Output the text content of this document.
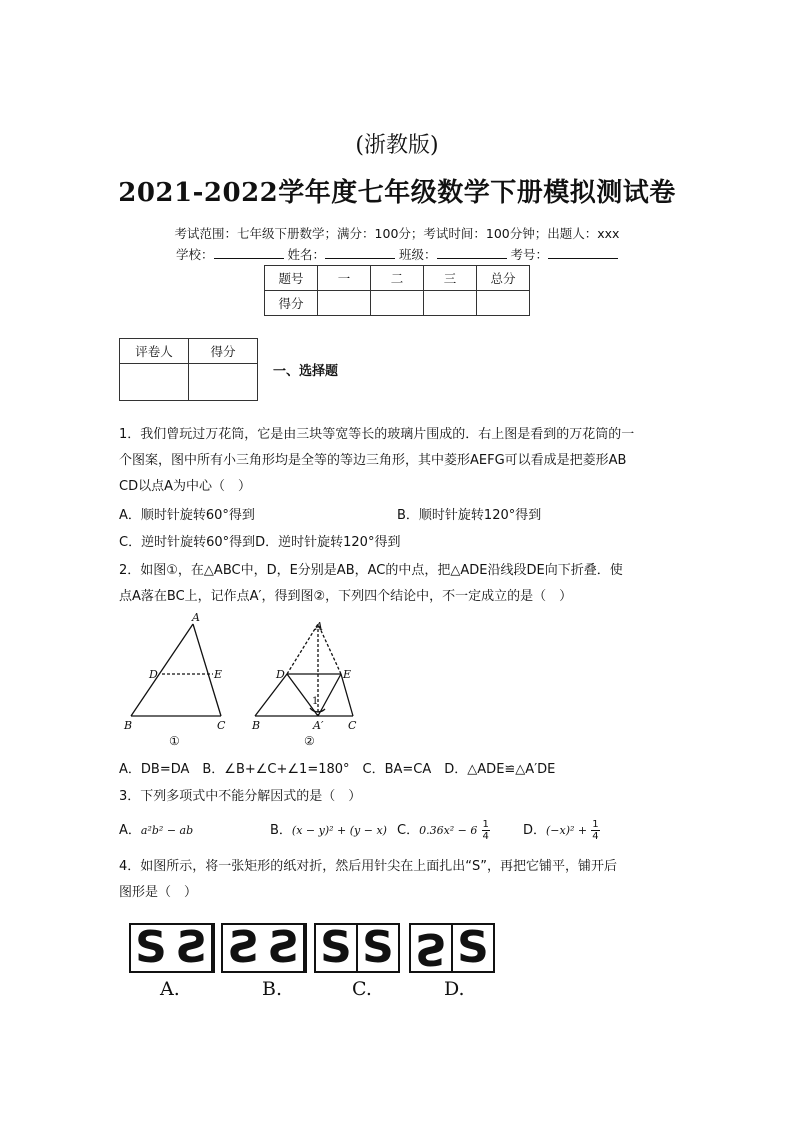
(浙教版)
2021-2022学年度七年级数学下册模拟测试卷
考试范围：七年级下册数学；满分：100分；考试时间：100分钟；出题人：xxx
学校：	姓名：	班级：	考号：
题号	一	二	三	总分
得分				
评卷人	得分

一、选择题
1．我们曾玩过万花筒，它是由三块等宽等长的玻璃片围成的．右上图是看到的万花筒的一
个图案，图中所有小三角形均是全等的等边三角形，其中菱形AEFG可以看成是把菱形AB
CD以点A为中心（　）
A．顺时针旋转60°得到	B．顺时针旋转120°得到
C．逆时针旋转60°得到D．逆时针旋转120°得到
2．如图①，在△ABC中，D，E分别是AB，AC的中点，把△ADE沿线段DE向下折叠．使
点A落在BC上，记作点A′，得到图②，下列四个结论中，不一定成立的是（　）
A
D	E
B	C
①
A
D	E
B	A′ C
1
②
A．DB=DA　B．∠B+∠C+∠1=180°　C．BA=CA　D．△ADE≌△A′DE
3．下列多项式中不能分解因式的是（　）
A．a²b² − ab	B．(x − y)² + (y − x) C．$0.36x^2 - 6 \frac{1}{4}$	D．$(-x)^2 + \frac{1}{4}$
4．如图所示，将一张矩形的纸对折，然后用针尖在上面扎出“S”，再把它铺平，铺开后
图形是（　）
S S S S S S S S
A.	B.	C.	D.
